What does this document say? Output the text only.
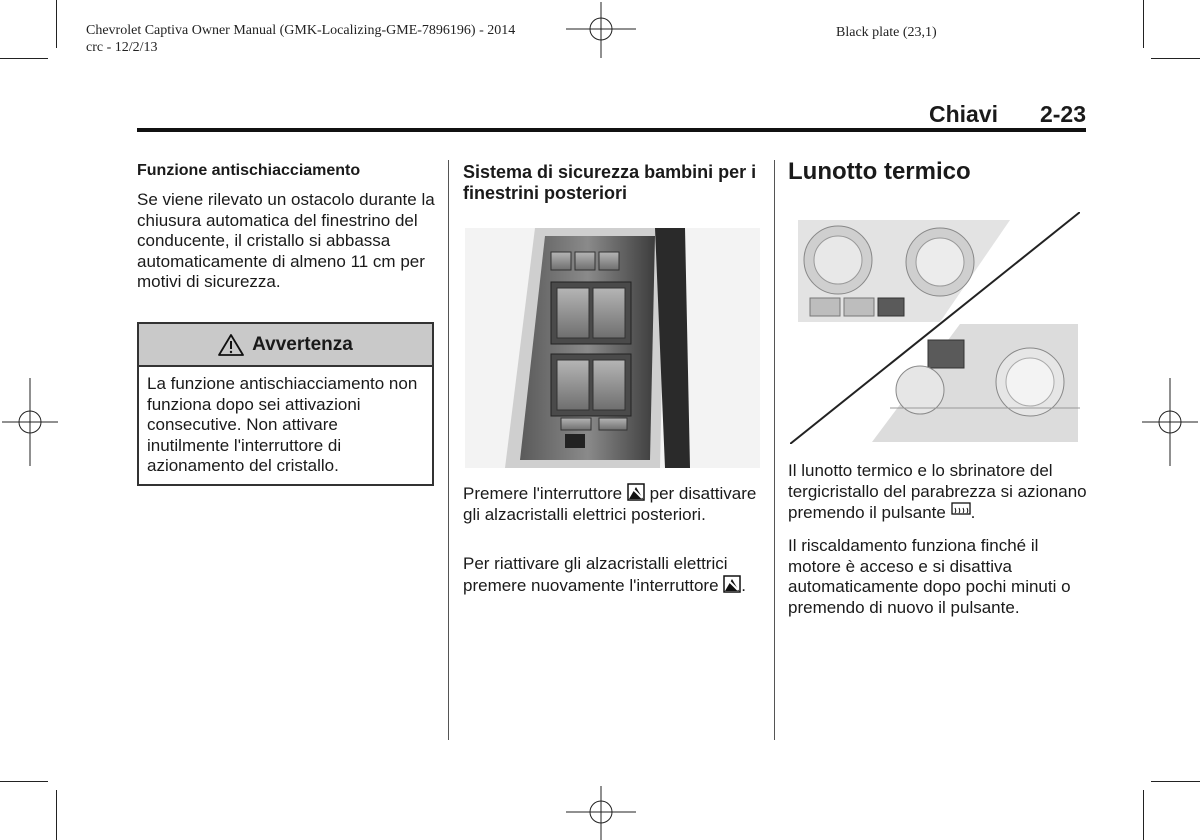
Chevrolet Captiva Owner Manual (GMK-Localizing-GME-7896196) - 2014
crc - 12/2/13
Black plate (23,1)
Chiavi 2-23
Funzione antischiacciamento
Se viene rilevato un ostacolo durante la chiusura automatica del finestrino del conducente, il cristallo si abbassa automaticamente di almeno 11 cm per motivi di sicurezza.
Avvertenza
La funzione antischiacciamento non funziona dopo sei attivazioni consecutive. Non attivare inutilmente l'interruttore di azionamento del cristallo.
Sistema di sicurezza bambini per i finestrini posteriori
Premere l'interruttore per disattivare gli alzacristalli elettrici posteriori.
Per riattivare gli alzacristalli elettrici premere nuovamente l'interruttore .
Lunotto termico
Il lunotto termico e lo sbrinatore del tergicristallo del parabrezza si azionano premendo il pulsante .
Il riscaldamento funziona finché il motore è acceso e si disattiva automaticamente dopo pochi minuti o premendo di nuovo il pulsante.
